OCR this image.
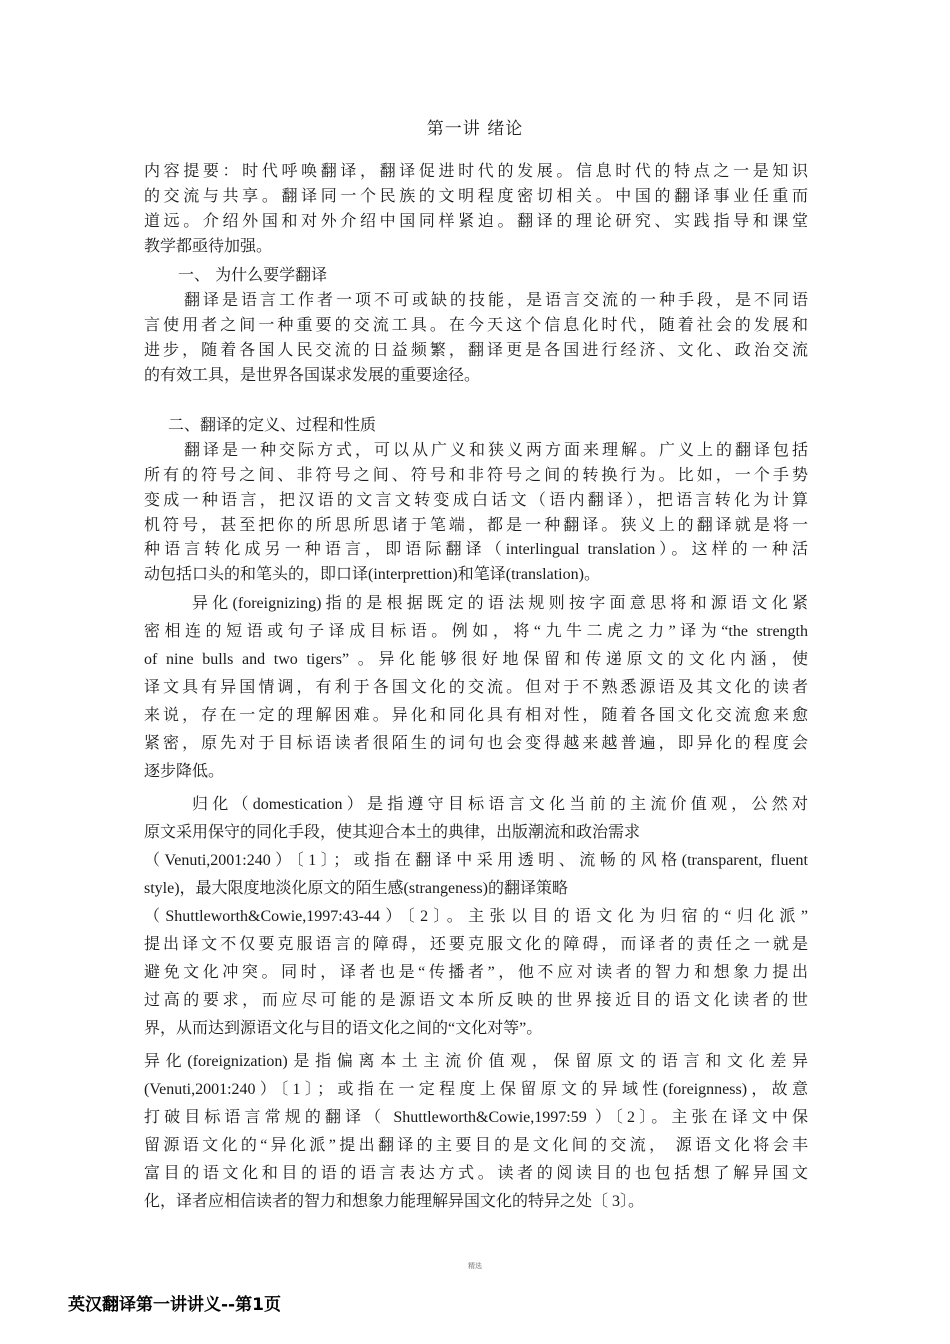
第一讲 绪论
内容提要：时代呼唤翻译，翻译促进时代的发展。信息时代的特点之一是知识
的交流与共享。翻译同一个民族的文明程度密切相关。中国的翻译事业任重而
道远。介绍外国和对外介绍中国同样紧迫。翻译的理论研究、实践指导和课堂
教学都亟待加强。
一、 为什么要学翻译
翻译是语言工作者一项不可或缺的技能，是语言交流的一种手段，是不同语
言使用者之间一种重要的交流工具。在今天这个信息化时代，随着社会的发展和
进步，随着各国人民交流的日益频繁，翻译更是各国进行经济、文化、政治交流
的有效工具，是世界各国谋求发展的重要途径。
二、翻译的定义、过程和性质
翻译是一种交际方式，可以从广义和狭义两方面来理解。广义上的翻译包括
所有的符号之间、非符号之间、符号和非符号之间的转换行为。比如，一个手势
变成一种语言，把汉语的文言文转变成白话文（语内翻译），把语言转化为计算
机符号，甚至把你的所思所思诸于笔端，都是一种翻译。狭义上的翻译就是将一
种语言转化成另一种语言，即语际翻译（interlingual translation）。这样的一种活
动包括口头的和笔头的，即口译(interprettion)和笔译(translation)。
异化(foreignizing)指的是根据既定的语法规则按字面意思将和源语文化紧
密相连的短语或句子译成目标语。例如，将“九牛二虎之力”译为“the strength
of nine bulls and two tigers” 。异化能够很好地保留和传递原文的文化内涵，使
译文具有异国情调，有利于各国文化的交流。但对于不熟悉源语及其文化的读者
来说，存在一定的理解困难。异化和同化具有相对性，随着各国文化交流愈来愈
紧密，原先对于目标语读者很陌生的词句也会变得越来越普遍，即异化的程度会
逐步降低。
归化（domestication）是指遵守目标语言文化当前的主流价值观，公然对
原文采用保守的同化手段，使其迎合本土的典律，出版潮流和政治需求
（Venuti,2001:240）〔1〕；或指在翻译中采用透明、流畅的风格(transparent, fluent
style)，最大限度地淡化原文的陌生感(strangeness)的翻译策略
（Shuttleworth&Cowie,1997:43-44）〔2〕。主张以目的语文化为归宿的“归化派”
提出译文不仅要克服语言的障碍，还要克服文化的障碍，而译者的责任之一就是
避免文化冲突。同时，译者也是“传播者”，他不应对读者的智力和想象力提出
过高的要求，而应尽可能的是源语文本所反映的世界接近目的语文化读者的世
界，从而达到源语文化与目的语文化之间的“文化对等”。
异化(foreignization)是指偏离本土主流价值观，保留原文的语言和文化差异
(Venuti,2001:240）〔1〕；或指在一定程度上保留原文的异域性(foreignness)，故意
打破目标语言常规的翻译（ Shuttleworth&Cowie,1997:59 ）〔2〕。主张在译文中保
留源语文化的“异化派”提出翻译的主要目的是文化间的交流， 源语文化将会丰
富目的语文化和目的语的语言表达方式。读者的阅读目的也包括想了解异国文
化，译者应相信读者的智力和想象力能理解异国文化的特异之处〔 3〕。
精选
英汉翻译第一讲讲义--第1页
